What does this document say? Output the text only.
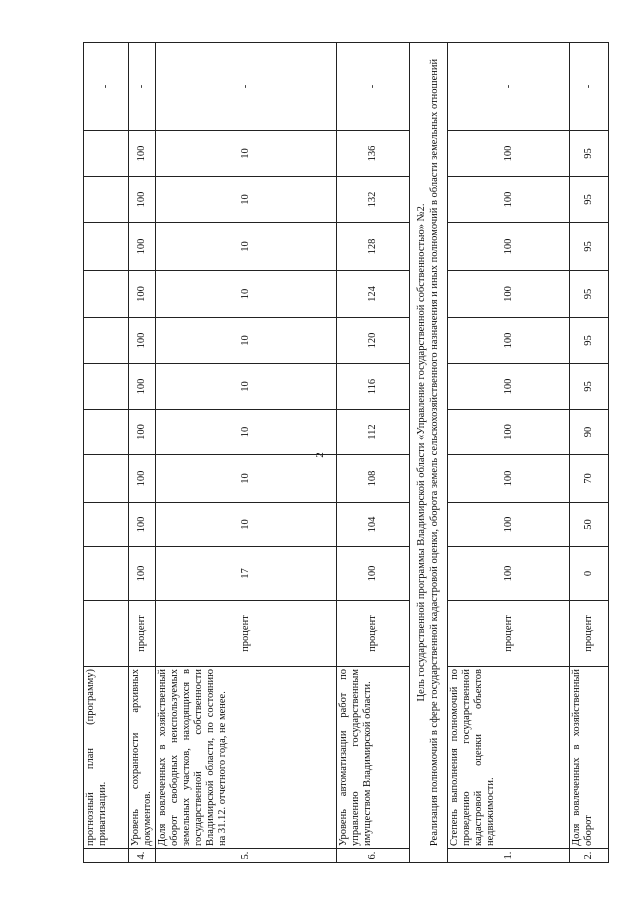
2
	прогнозный план (программу) приватизации.												-
4.	Уровень сохранности архивных документов.	процент	100	100	100	100	100	100	100	100	100	100	-
5.	Доля вовлеченных в хозяйственный оборот свободных неиспользуемых земельных участков, находящихся в государственной собственности Владимирской области, по состоянию на 31.12. отчетного года, не менее.	процент	17	10	10	10	10	10	10	10	10	10	-
6.	Уровень автоматизации работ по управлению государственным имуществом Владимирской области.	процент	100	104	108	112	116	120	124	128	132	136	-

Цель государственной программы Владимирской области «Управление государственной собственностью» №2. Реализация полномочий в сфере государственной кадастровой оценки, оборота земель сельскохозяйственного назначения и иных полномочий в области земельных отношений													

1.	Степень выполнения полномочий по проведению государственной кадастровой оценки объектов недвижимости.	процент	100	100	100	100	100	100	100	100	100	100	-
2.	Доля вовлеченных в хозяйственный оборот	процент	0	50	70	90	95	95	95	95	95	95	-
